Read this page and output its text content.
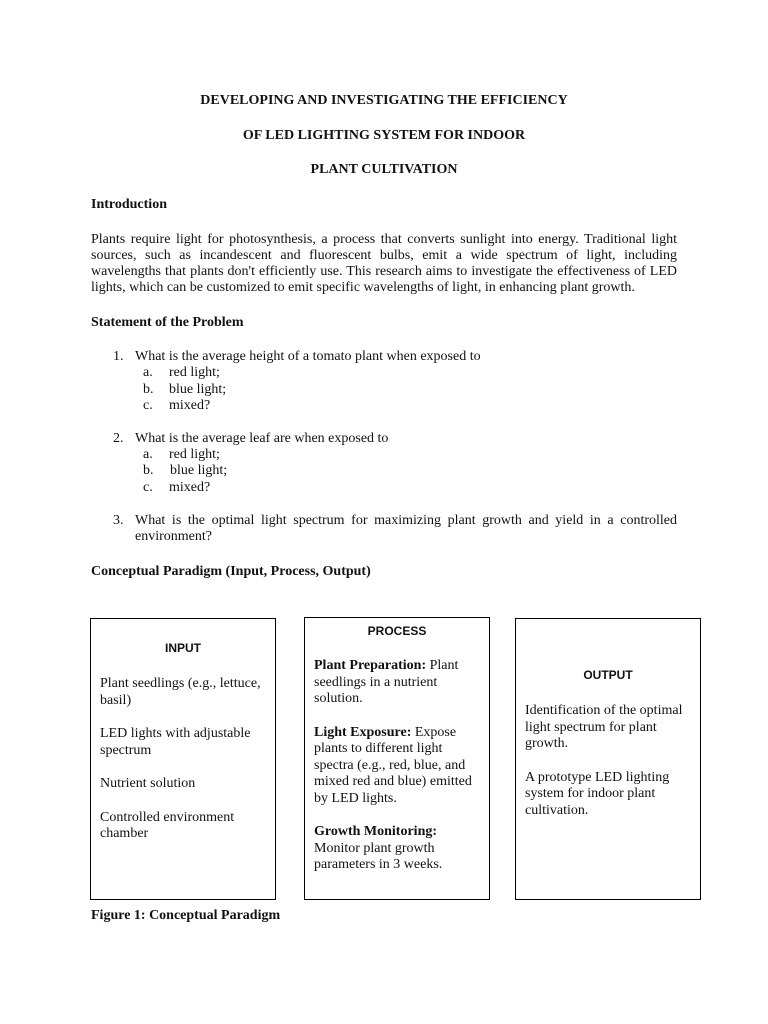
DEVELOPING AND INVESTIGATING THE EFFICIENCY
OF LED LIGHTING SYSTEM FOR INDOOR
PLANT CULTIVATION
Introduction
Plants require light for photosynthesis, a process that converts sunlight into energy. Traditional light sources, such as incandescent and fluorescent bulbs, emit a wide spectrum of light, including wavelengths that plants don't efficiently use. This research aims to investigate the effectiveness of LED lights, which can be customized to emit specific wavelengths of light, in enhancing plant growth.
Statement of the Problem
1. What is the average height of a tomato plant when exposed to
a. red light;
b. blue light;
c. mixed?
2. What is the average leaf are when exposed to
a. red light;
b. blue light;
c. mixed?
3. What is the optimal light spectrum for maximizing plant growth and yield in a controlled environment?
Conceptual Paradigm (Input, Process, Output)
INPUT

Plant seedlings (e.g., lettuce, basil)

LED lights with adjustable spectrum

Nutrient solution

Controlled environment chamber

PROCESS

Plant Preparation: Plant seedlings in a nutrient solution.

Light Exposure: Expose plants to different light spectra (e.g., red, blue, and mixed red and blue) emitted by LED lights.

Growth Monitoring: Monitor plant growth parameters in 3 weeks.

OUTPUT

Identification of the optimal light spectrum for plant growth.

A prototype LED lighting system for indoor plant cultivation.

Figure 1: Conceptual Paradigm
